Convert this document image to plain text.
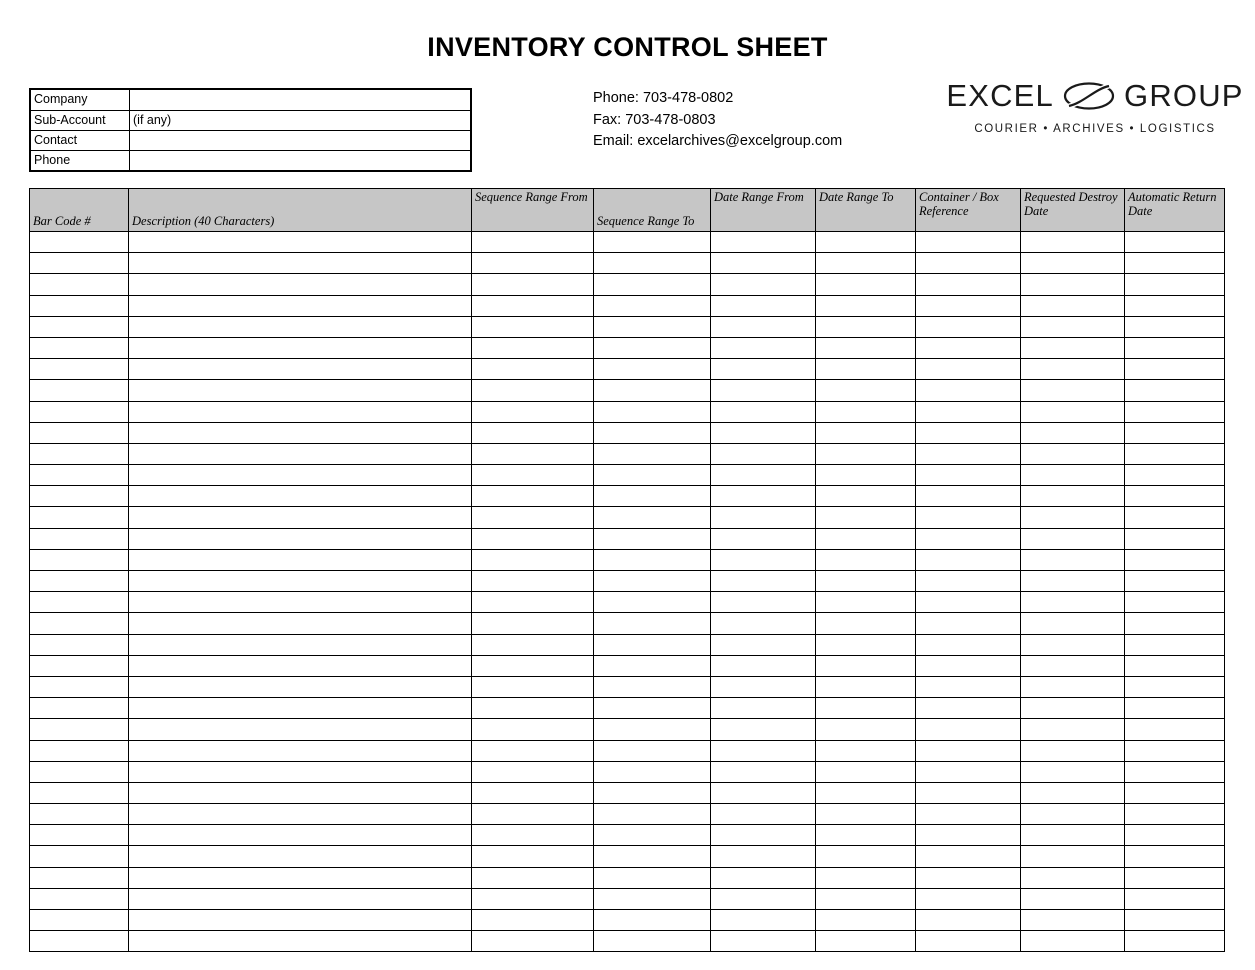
INVENTORY CONTROL SHEET
Company
Sub-Account	(if any)
Contact
Phone
Phone: 703-478-0802
Fax: 703-478-0803
Email: excelarchives@excelgroup.com
EXCEL GROUP
COURIER • ARCHIVES • LOGISTICS
Bar Code #	Description (40 Characters)	Sequence Range From	Sequence Range To	Date Range From	Date Range To	Container / Box Reference	Requested Destroy Date	Automatic Return Date
